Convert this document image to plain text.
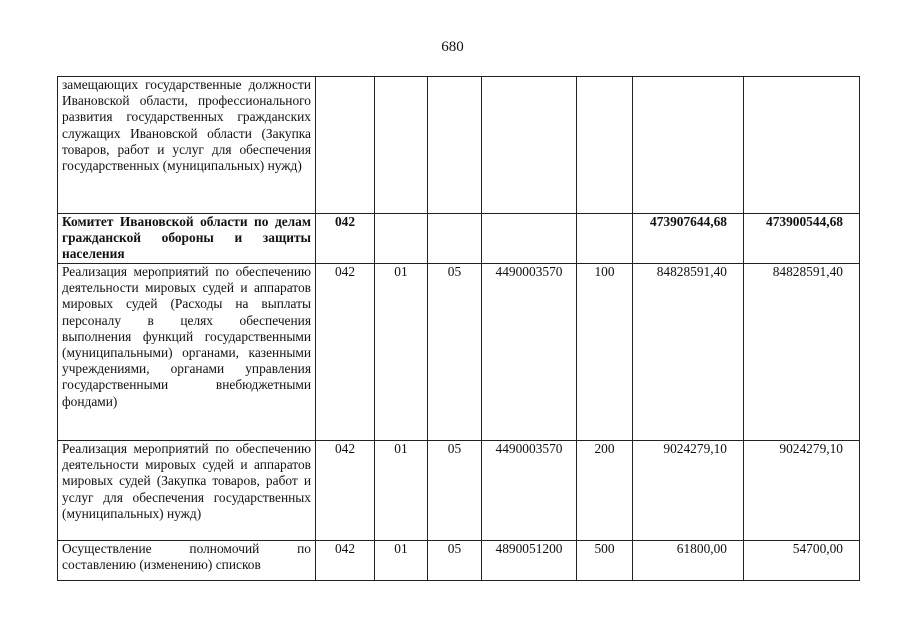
680
замещающих государственные должности Ивановской области, профессионального развития государственных гражданских служащих Ивановской области (Закупка товаров, работ и услуг для обеспечения государственных (муниципальных) нужд)							
Комитет Ивановской области по делам гражданской обороны и защиты населения	042					473907644,68	473900544,68
Реализация мероприятий по обеспечению деятельности мировых судей и аппаратов мировых судей (Расходы на выплаты персоналу в целях обеспечения выполнения функций государственными (муниципальными) органами, казенными учреждениями, органами управления государственными внебюджетными фондами)	042	01	05	4490003570	100	84828591,40	84828591,40
Реализация мероприятий по обеспечению деятельности мировых судей и аппаратов мировых судей (Закупка товаров, работ и услуг для обеспечения государственных (муниципальных) нужд)	042	01	05	4490003570	200	9024279,10	9024279,10
Осуществление полномочий по составлению (изменению) списков	042	01	05	4890051200	500	61800,00	54700,00
